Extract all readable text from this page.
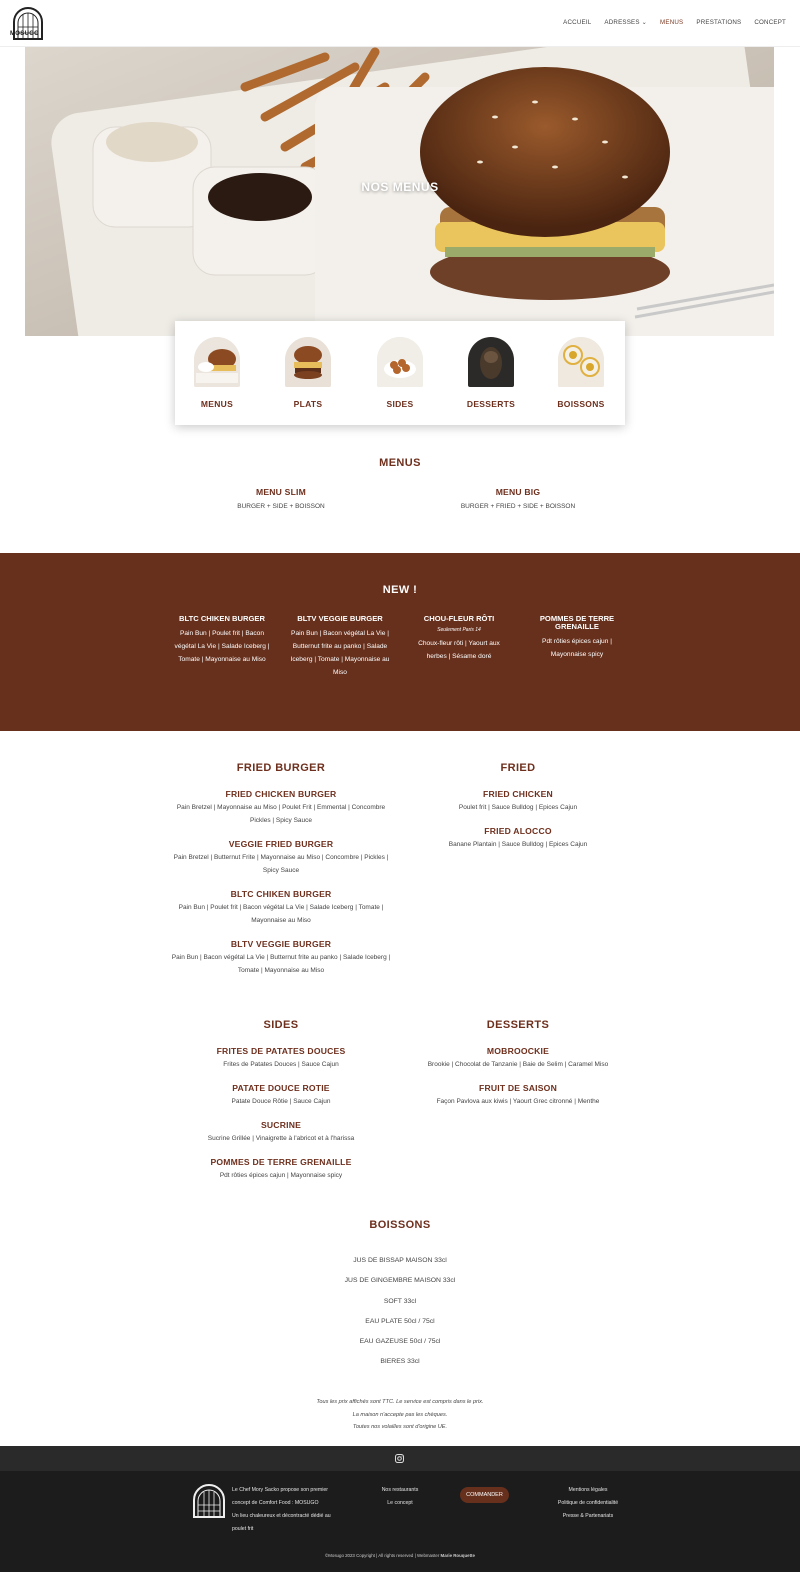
MOSUGO
ACCUEIL ADRESSES ⌄ MENUS PRESTATIONS CONCEPT
NOS MENUS
MENUS	PLATS	SIDES	DESSERTS	BOISSONS
MENUS
MENU SLIM
BURGER + SIDE + BOISSON
MENU BIG
BURGER + FRIED + SIDE + BOISSON
NEW !
BLTC CHIKEN BURGER
Pain Bun | Poulet frit | Bacon végétal La Vie | Salade Iceberg | Tomate | Mayonnaise au Miso
BLTV VEGGIE BURGER
Pain Bun | Bacon végétal La Vie | Butternut frite au panko | Salade Iceberg | Tomate | Mayonnaise au Miso
CHOU-FLEUR RÔTI
Seulement Paris 14
Choux-fleur rôti | Yaourt aux herbes | Sésame doré
POMMES DE TERRE GRENAILLE
Pdt rôties épices cajun | Mayonnaise spicy
FRIED BURGER
FRIED CHICKEN BURGER
Pain Bretzel | Mayonnaise au Miso | Poulet Frit | Emmental | Concombre Pickles | Spicy Sauce
VEGGIE FRIED BURGER
Pain Bretzel | Butternut Frite | Mayonnaise au Miso | Concombre | Pickles | Spicy Sauce
BLTC CHIKEN BURGER
Pain Bun | Poulet frit | Bacon végétal La Vie | Salade Iceberg | Tomate | Mayonnaise au Miso
BLTV VEGGIE BURGER
Pain Bun | Bacon végétal La Vie | Butternut frite au panko | Salade Iceberg | Tomate | Mayonnaise au Miso
FRIED
FRIED CHICKEN
Poulet frit | Sauce Bulldog | Epices Cajun
FRIED ALOCCO
Banane Plantain | Sauce Bulldog | Epices Cajun
SIDES
FRITES DE PATATES DOUCES
Frites de Patates Douces | Sauce Cajun
PATATE DOUCE ROTIE
Patate Douce Rôtie | Sauce Cajun
SUCRINE
Sucrine Grillée | Vinaigrette à l'abricot et à l'harissa
POMMES DE TERRE GRENAILLE
Pdt rôties épices cajun | Mayonnaise spicy
DESSERTS
MOBROOCKIE
Brookie | Chocolat de Tanzanie | Baie de Selim | Caramel Miso
FRUIT DE SAISON
Façon Pavlova aux kiwis | Yaourt Grec citronné | Menthe
BOISSONS
JUS DE BISSAP MAISON 33cl
JUS DE GINGEMBRE MAISON 33cl
SOFT 33cl
EAU PLATE 50cl / 75cl
EAU GAZEUSE 50cl / 75cl
BIERES 33cl
Tous les prix affichés sont TTC. Le service est compris dans le prix.
La maison n'accepte pas les chèques.
Toutes nos volailles sont d'origine UE.
Le Chef Mory Sacko propose son premier
concept de Comfort Food : MOSUGO
Un lieu chaleureux et décontracté dédié au
poulet frit
Nos restaurants
Le concept
COMMANDER
Mentions légales
Politique de confidentialité
Presse & Partenariats
©Mosugo 2023 Copyright | All rights reserved | Webmaster Marie Rouquette
